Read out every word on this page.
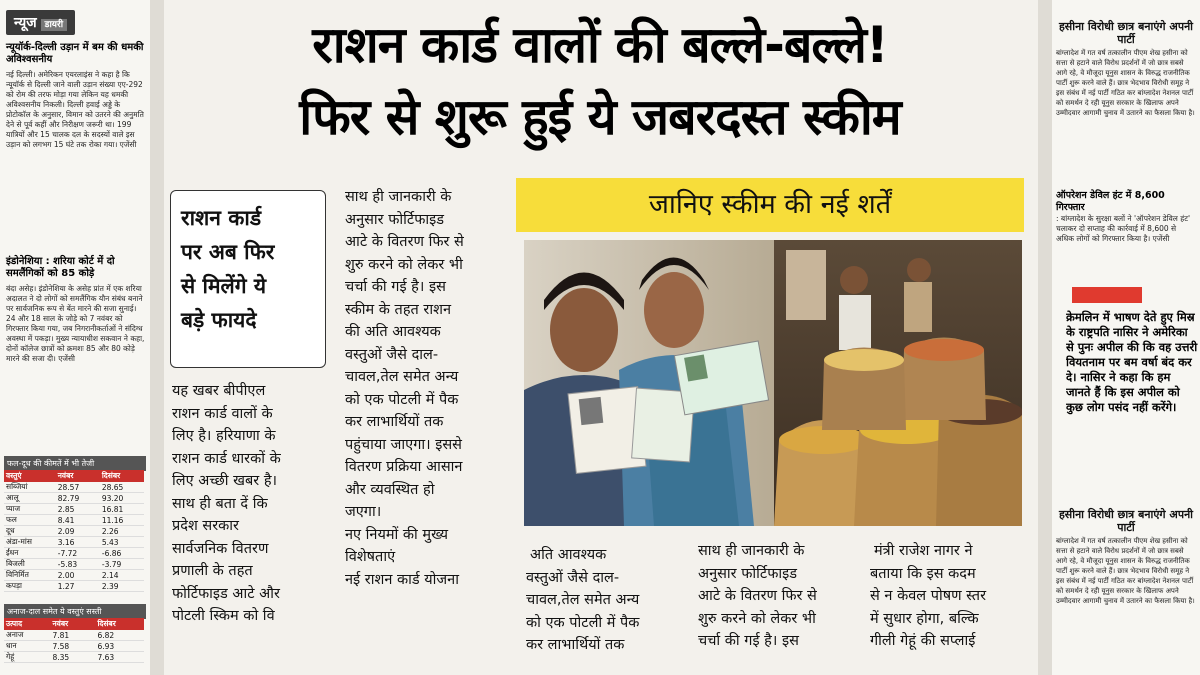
न्यूज डायरी
न्यूयॉर्क-दिल्ली उड़ान में बम की धमकी अविश्वसनीय
नई दिल्ली। अमेरिकन एयरलाइंस ने कहा है कि न्यूयॉर्क से दिल्ली जाने वाली उड़ान संख्या एए-292 को रोम की तरफ मोड़ा गया लेकिन यह धमकी अविश्वसनीय निकली। दिल्ली हवाई अड्डे के प्रोटोकॉल के अनुसार, विमान को उतरने की अनुमति देने से पूर्व कहीं और निरीक्षण जरूरी था। 199 यात्रियों और 15 चालक दल के सदस्यों वाले इस उड़ान को लगभग 15 घंटे तक रोका गया। एजेंसी
इंडोनेशिया : शरिया कोर्ट में दो समलैंगिकों को 85 कोड़े
बंदा असेह। इंडोनेशिया के असेह प्रांत में एक शरिया अदालत ने दो लोगों को समलैंगिक यौन संबंध बनाने पर सार्वजनिक रूप से बेंत मारने की सजा सुनाई। 24 और 18 साल के जोड़े को 7 नवंबर को गिरफ्तार किया गया, जब निगरानीकर्ताओं ने संदिग्ध अवस्था में पकड़ा। मुख्य न्यायाधीश सकवान ने कहा, दोनों कॉलेज छात्रों को क्रमशः 85 और 80 कोड़े मारने की सजा दी। एजेंसी
फल-दूध की कीमतें में भी तेजी
वस्तुएं	नवंबर	दिसंबर
सब्जियां	28.57	28.65
आलू	82.79	93.20
प्याज	2.85	16.81
फल	8.41	11.16
दूध	2.09	2.26
अंडा-मांस	3.16	5.43
ईंधन	-7.72	-6.86
बिजली	-5.83	-3.79
विनिर्मित	2.00	2.14
कपड़ा	1.27	2.39
अनाज-दाल समेत ये वस्तुएं सस्ती
उत्पाद	नवंबर	दिसंबर
अनाज	7.81	6.82
धान	7.58	6.93
गेहूं	8.35	7.63
राशन कार्ड वालों की बल्ले-बल्ले!
फिर से शुरू हुई ये जबरदस्त स्कीम
राशन कार्ड
पर अब फिर
से मिलेंगे ये
बड़े फायदे
यह खबर बीपीएल
राशन कार्ड वालों के
लिए है। हरियाणा के
राशन कार्ड धारकों के
लिए अच्छी खबर है।
साथ ही बता दें कि
प्रदेश सरकार
सार्वजनिक वितरण
प्रणाली के तहत
फोर्टिफाइड आटे और
पोटली स्किम को वि
साथ ही जानकारी के
अनुसार फोर्टिफाइड
आटे के वितरण फिर से
शुरु करने को लेकर भी
चर्चा की गई है। इस
स्कीम के तहत राशन
की अति आवश्यक
वस्तुओं जैसे दाल-
चावल,तेल समेत अन्य
को एक पोटली में पैक
कर लाभार्थियों तक
पहुंचाया जाएगा। इससे
वितरण प्रक्रिया आसान
और व्यवस्थित हो
जएगा।
नए नियमों की मुख्य
विशेषताएं
नई राशन कार्ड योजना
जानिए स्कीम की नई शर्तें
अति आवश्यक
वस्तुओं जैसे दाल-
चावल,तेल समेत अन्य
को एक पोटली में पैक
कर लाभार्थियों तक
साथ ही जानकारी के
अनुसार फोर्टिफाइड
आटे के वितरण फिर से
शुरु करने को लेकर भी
चर्चा की गई है। इस
मंत्री राजेश नागर ने
बताया कि इस कदम
से न केवल पोषण स्तर
में सुधार होगा, बल्कि
गीली गेहूं की सप्लाई
हसीना विरोधी छात्र बनाएंगे अपनी पार्टी
बांग्लादेश में गत वर्ष तत्कालीन पीएम शेख हसीना को सत्ता से हटाने वाले विरोध प्रदर्शनों में जो छात्र सबसे आगे रहे, वे मौजूदा यूनुस शासन के विरुद्ध राजनीतिक पार्टी शुरू करने वाले हैं। छात्र भेदभाव विरोधी समूह ने इस संबंध में नई पार्टी गठित कर बांग्लादेश नेशनल पार्टी को समर्थन दे रही यूनुस सरकार के खिलाफ अपने उम्मीदवार आगामी चुनाव में उतारने का फैसला किया है।
ऑपरेशन डेविल हंट में 8,600 गिरफ्तार
: बांग्लादेश के सुरक्षा बलों ने 'ऑपरेशन डेविल हंट' चलाकर दो सप्ताह की कार्रवाई में 8,600 से अधिक लोगों को गिरफ्तार किया है। एजेंसी
क्रेमलिन में भाषण देते हुए मिस्र के राष्ट्रपति नासिर ने अमेरिका से पुनः अपील की कि वह उत्तरी वियतनाम पर बम वर्षा बंद कर दे। नासिर ने कहा कि हम जानते हैं कि इस अपील को कुछ लोग पसंद नहीं करेंगे।
हसीना विरोधी छात्र बनाएंगे अपनी पार्टी
बांग्लादेश में गत वर्ष तत्कालीन पीएम शेख हसीना को सत्ता से हटाने वाले विरोध प्रदर्शनों में जो छात्र सबसे आगे रहे, वे मौजूदा यूनुस शासन के विरुद्ध राजनीतिक पार्टी शुरू करने वाले हैं। छात्र भेदभाव विरोधी समूह ने इस संबंध में नई पार्टी गठित कर बांग्लादेश नेशनल पार्टी को समर्थन दे रही यूनुस सरकार के खिलाफ अपने उम्मीदवार आगामी चुनाव में उतारने का फैसला किया है।
